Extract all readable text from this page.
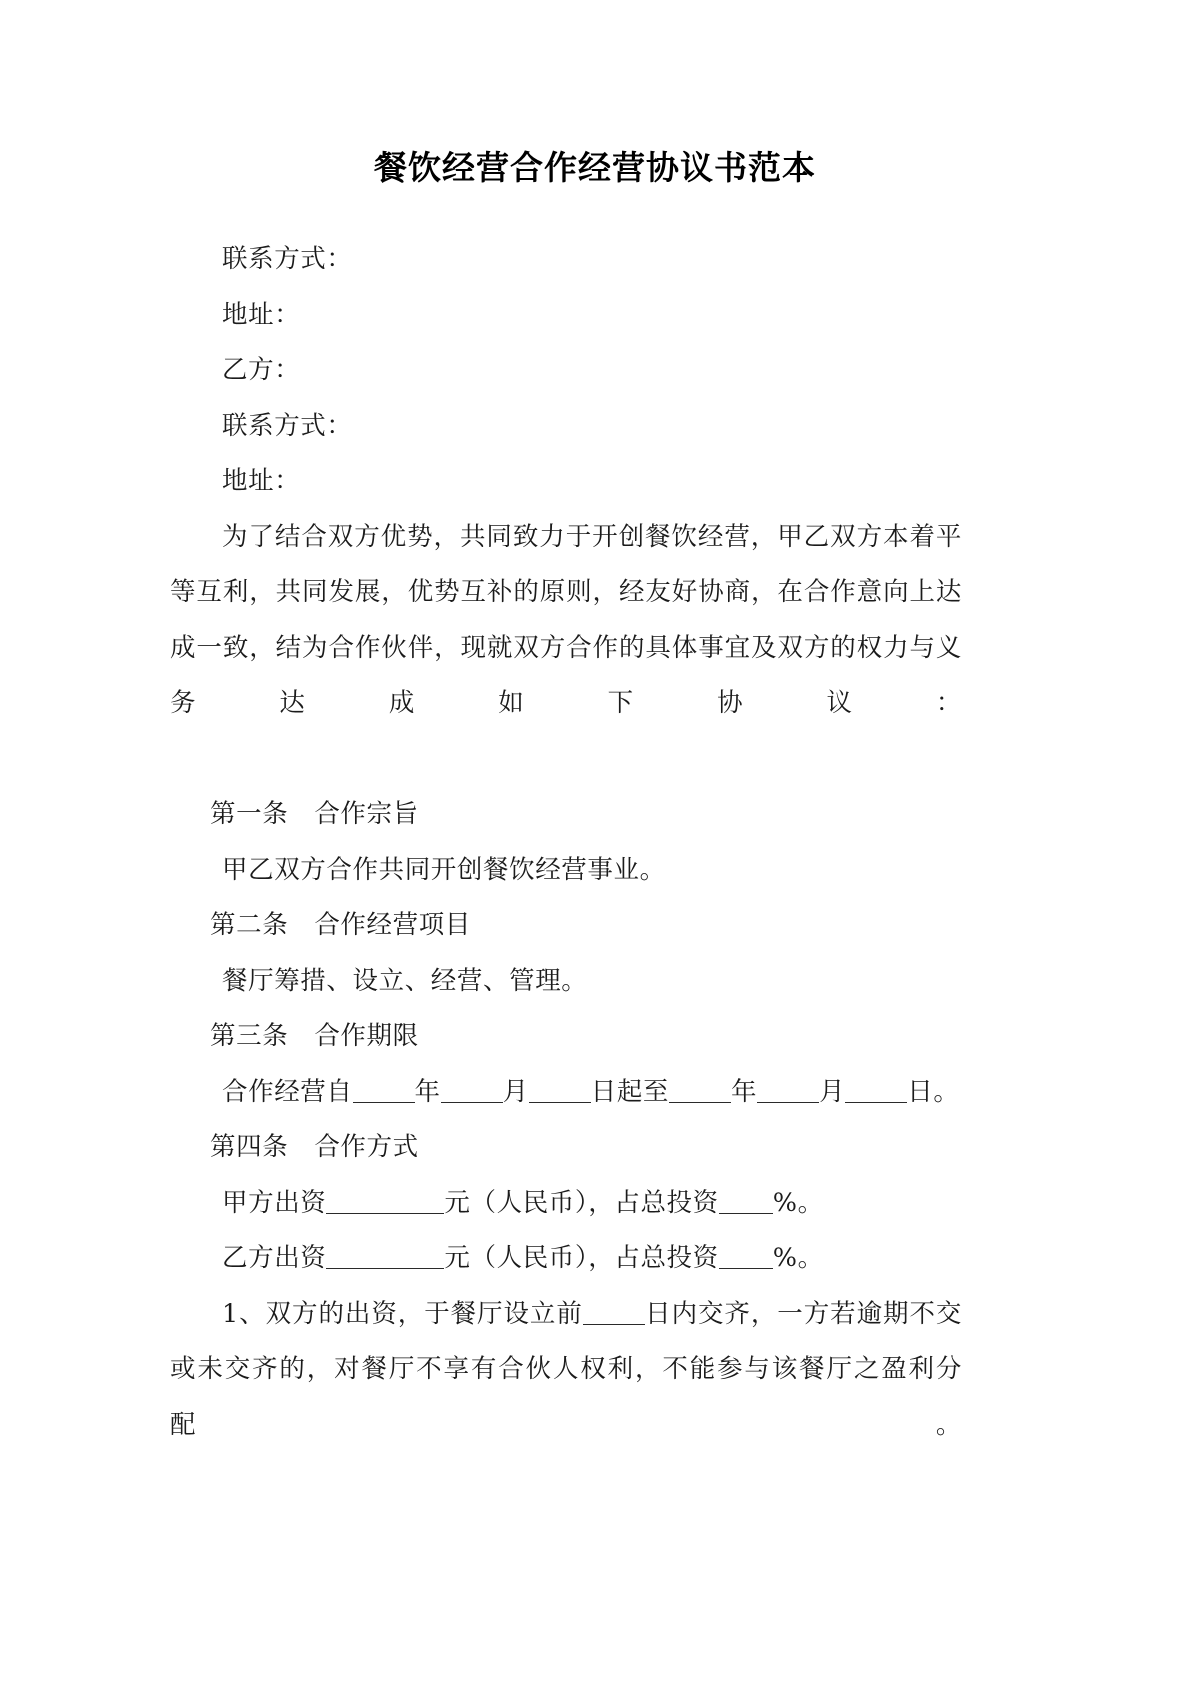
餐饮经营合作经营协议书范本

联系方式：

地址：

乙方：

联系方式：

地址：

为了结合双方优势，共同致力于开创餐饮经营，甲乙双方本着平等互利，共同发展，优势互补的原则，经友好协商，在合作意向上达成一致，结为合作伙伴，现就双方合作的具体事宜及双方的权力与义务达成如下协议：

第一条 合作宗旨

甲乙双方合作共同开创餐饮经营事业。

第二条 合作经营项目

餐厅筹措、设立、经营、管理。

第三条 合作期限

合作经营自 年 月 日起至 年 月 日。

第四条 合作方式

甲方出资	元（人民币），占总投资 %。

乙方出资	元（人民币），占总投资 %。

1、双方的出资，于餐厅设立前 日内交齐，一方若逾期不交或未交齐的，对餐厅不享有合伙人权利，不能参与该餐厅之盈利分配。
